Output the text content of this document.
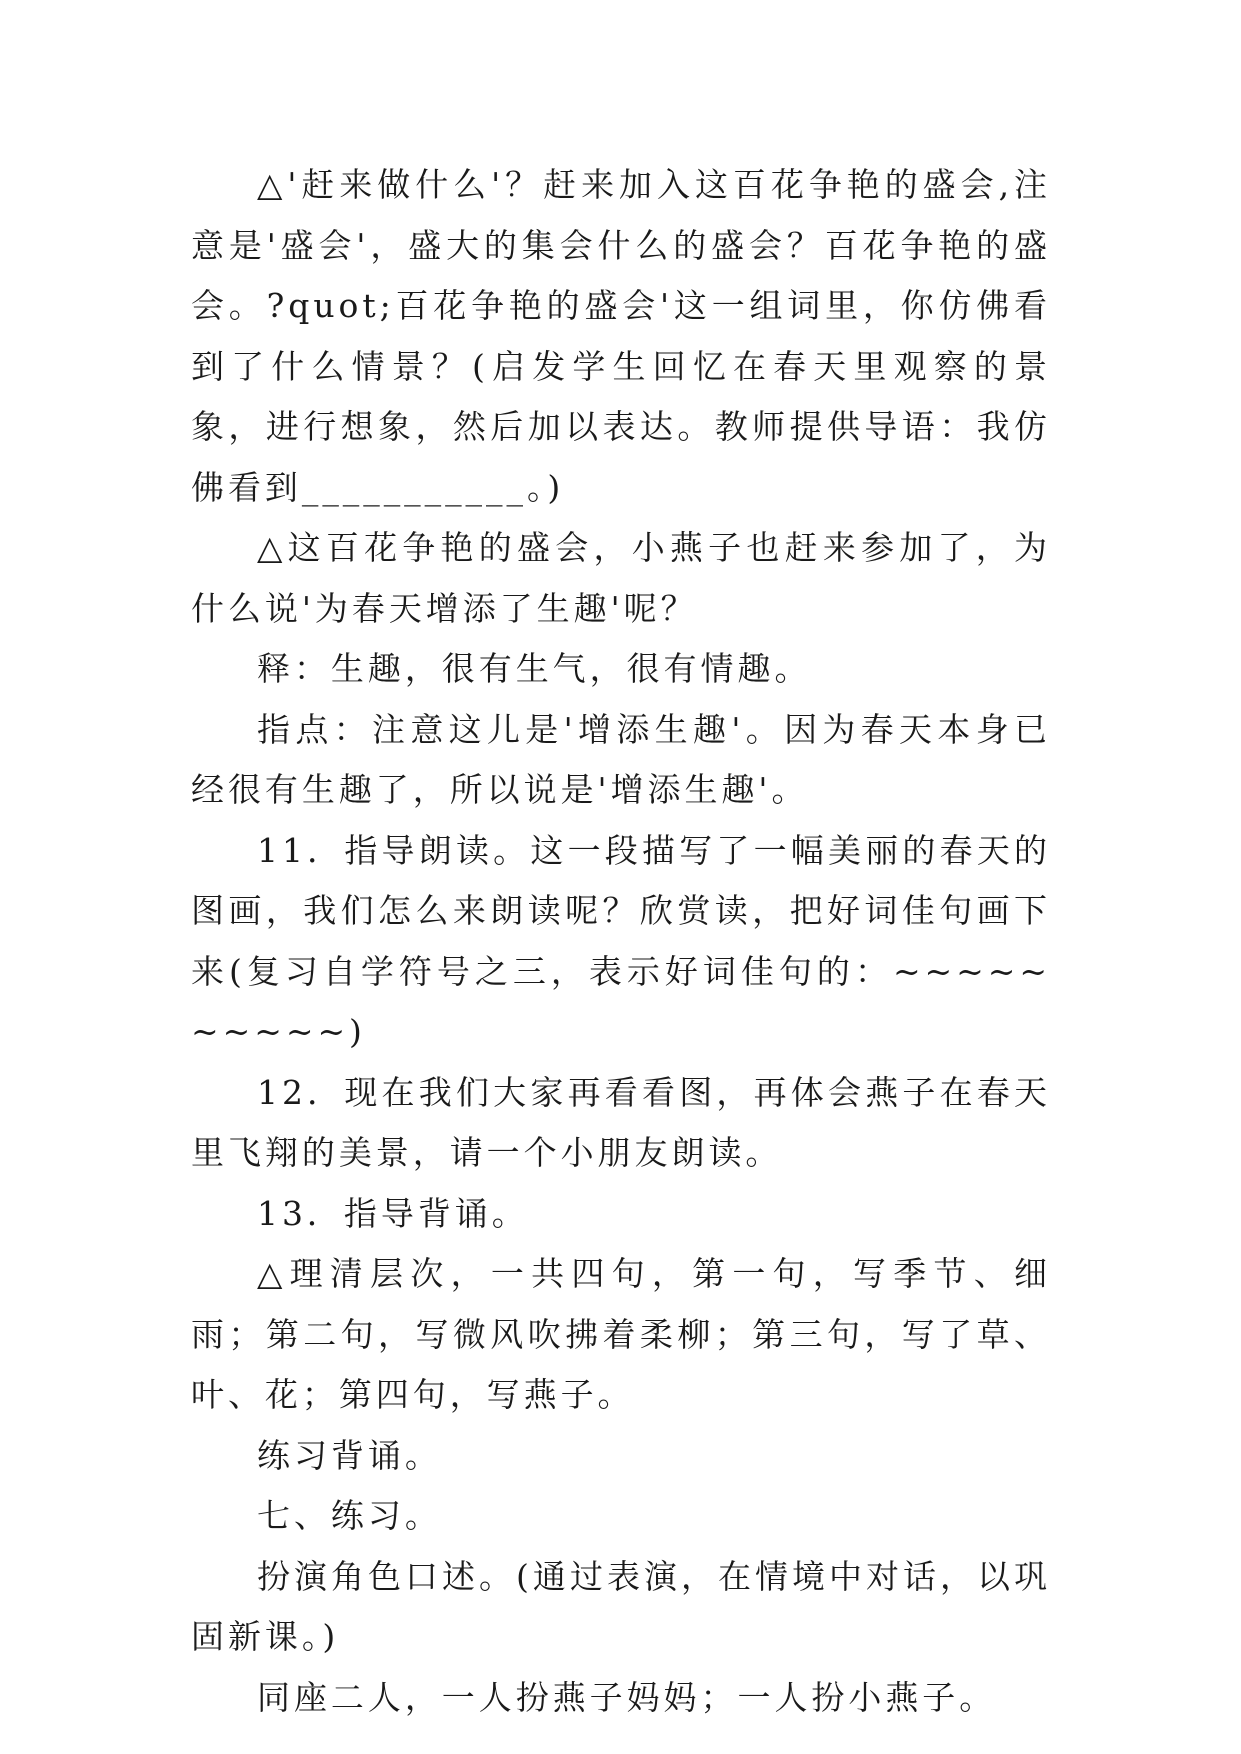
△'赶来做什么'？赶来加入这百花争艳的盛会,注意是'盛会'，盛大的集会什么的盛会？百花争艳的盛会。?quot;百花争艳的盛会'这一组词里，你仿佛看到了什么情景？(启发学生回忆在春天里观察的景象，进行想象，然后加以表达。教师提供导语：我仿佛看到___________。)

△这百花争艳的盛会，小燕子也赶来参加了，为什么说'为春天增添了生趣'呢？

释：生趣，很有生气，很有情趣。

指点：注意这儿是'增添生趣'。因为春天本身已经很有生趣了，所以说是'增添生趣'。

11．指导朗读。这一段描写了一幅美丽的春天的图画，我们怎么来朗读呢？欣赏读，把好词佳句画下来(复习自学符号之三，表示好词佳句的：~~~~~~~~~~)

12．现在我们大家再看看图，再体会燕子在春天里飞翔的美景，请一个小朋友朗读。

13．指导背诵。

△理清层次，一共四句，第一句，写季节、细雨；第二句，写微风吹拂着柔柳；第三句，写了草、叶、花；第四句，写燕子。

练习背诵。

七、练习。

扮演角色口述。(通过表演，在情境中对话，以巩固新课。)

同座二人，一人扮燕子妈妈；一人扮小燕子。
